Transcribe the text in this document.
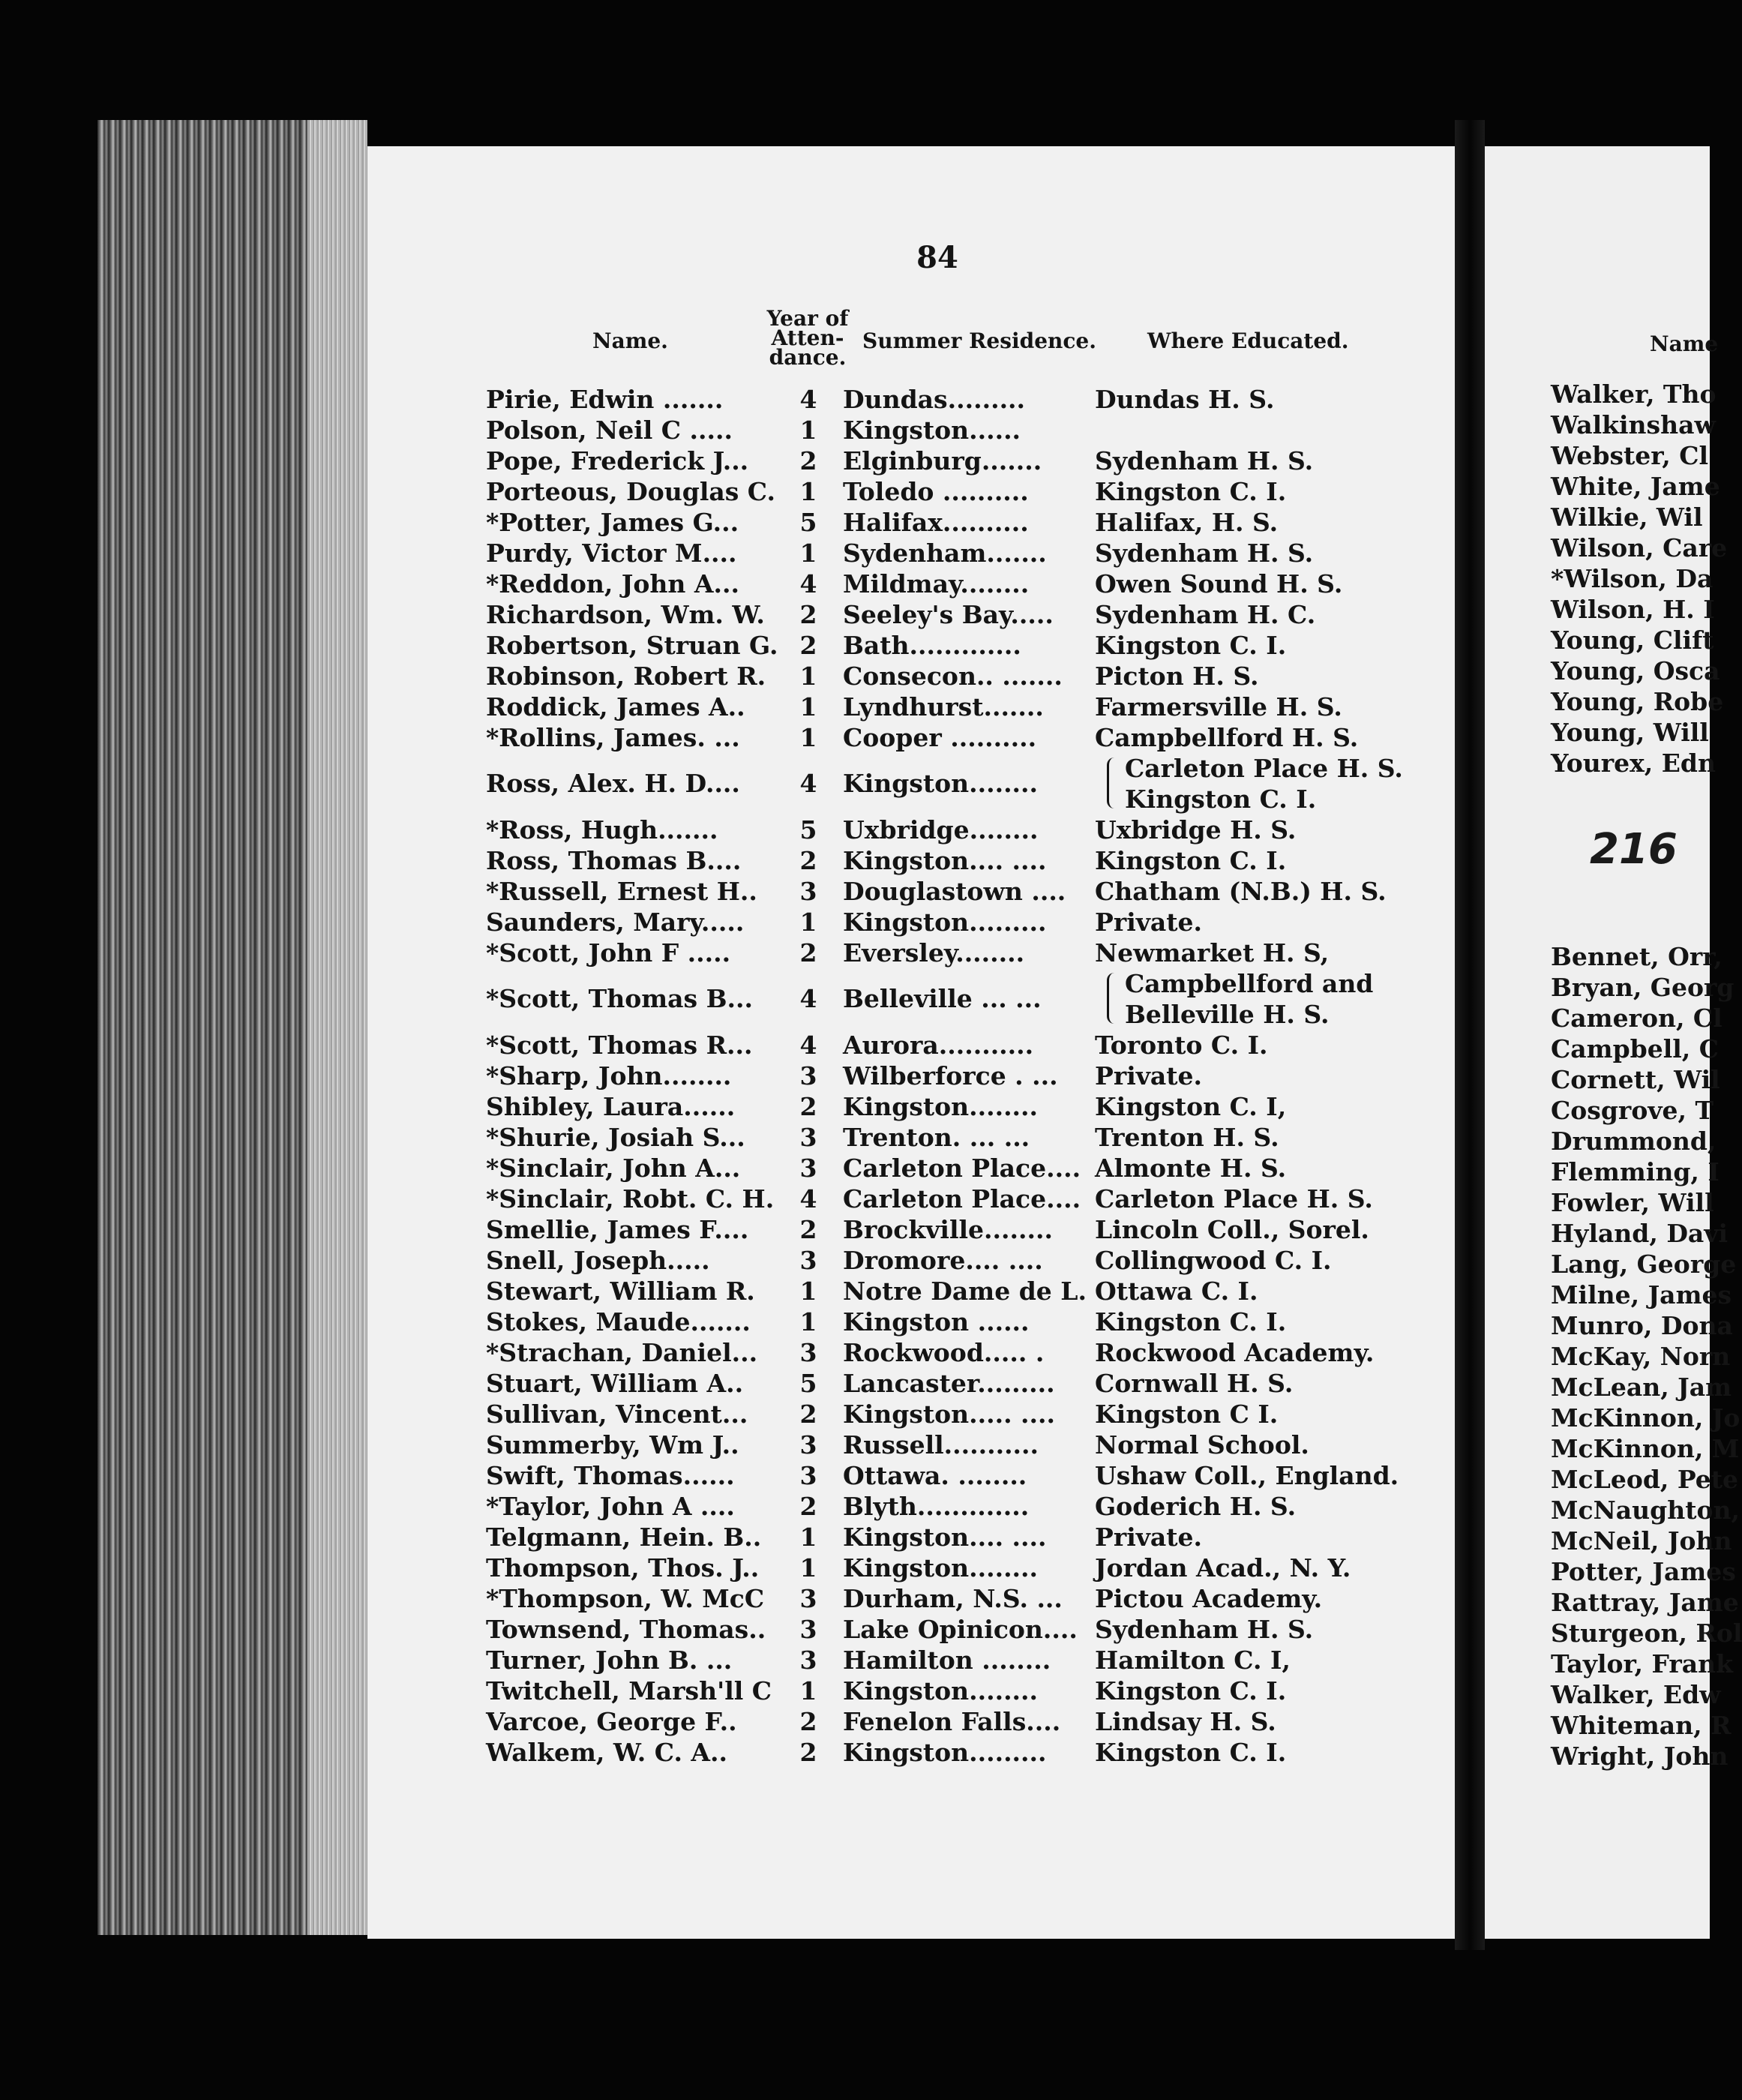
84
Name.
Year of
Atten-
dance.
Summer Residence. Where Educated.
Pirie, Edwin .......	4 Dundas.........	Dundas H. S.
Polson, Neil C .....	1 Kingston......
Pope, Frederick J...	2 Elginburg.......	Sydenham H. S.
Porteous, Douglas C. 1 Toledo ..........	Kingston C. I.
*Potter, James G...	5 Halifax..........	Halifax, H. S.
Purdy, Victor M....	1 Sydenham.......	Sydenham H. S.
*Reddon, John A...	4 Mildmay........	Owen Sound H. S.
Richardson, Wm. W. 2 Seeley's Bay.....	Sydenham H. C.
Robertson, Struan G. 2 Bath.............	Kingston C. I.
Robinson, Robert R. 1 Consecon.. .......	Picton H. S.
Roddick, James A..	1 Lyndhurst.......	Farmersville H. S.
*Rollins, James. ...	1 Cooper ..........	Campbellford H. S.
Ross, Alex. H. D....	4 Kingston........
Carleton Place H. S.
Kingston C. I.
*Ross, Hugh.......	5 Uxbridge........	Uxbridge H. S.
Ross, Thomas B....	2 Kingston.... ....	Kingston C. I.
*Russell, Ernest H..	3 Douglastown ....	Chatham (N.B.) H. S.
Saunders, Mary.....	1 Kingston.........	Private.
*Scott, John F .....	2 Eversley........	Newmarket H. S,
*Scott, Thomas B...	4 Belleville ... ...
Campbellford and
Belleville H. S.
*Scott, Thomas R...	4 Aurora...........	Toronto C. I.
*Sharp, John........	3 Wilberforce . ...	Private.
Shibley, Laura......	2 Kingston........	Kingston C. I,
*Shurie, Josiah S...	3 Trenton. ... ...	Trenton H. S.
*Sinclair, John A...	3 Carleton Place.... Almonte H. S.
*Sinclair, Robt. C. H. 4 Carleton Place.... Carleton Place H. S.
Smellie, James F....	2 Brockville........	Lincoln Coll., Sorel.
Snell, Joseph.....	3 Dromore.... ....	Collingwood C. I.
Stewart, William R.	1 Notre Dame de L. Ottawa C. I.
Stokes, Maude.......	1 Kingston ......	Kingston C. I.
*Strachan, Daniel...	3 Rockwood..... .	Rockwood Academy.
Stuart, William A..	5 Lancaster.........	Cornwall H. S.
Sullivan, Vincent...	2 Kingston..... ....	Kingston C I.
Summerby, Wm J..	3 Russell...........	Normal School.
Swift, Thomas......	3 Ottawa. ........	Ushaw Coll., England.
*Taylor, John A ....	2 Blyth.............	Goderich H. S.
Telgmann, Hein. B..	1 Kingston.... ....	Private.
Thompson, Thos. J..	1 Kingston........	Jordan Acad., N. Y.
*Thompson, W. McC 3 Durham, N.S. ...	Pictou Academy.
Townsend, Thomas.. 3 Lake Opinicon.... Sydenham H. S.
Turner, John B. ...	3 Hamilton ........	Hamilton C. I,
Twitchell, Marsh'll C 1 Kingston........	Kingston C. I.
Varcoe, George F..	2 Fenelon Falls....	Lindsay H. S.
Walkem, W. C. A..	2 Kingston.........	Kingston C. I.
Name
Walker, Tho
Walkinshaw
Webster, Cl
White, Jame
Wilkie, Wil
Wilson, Care
*Wilson, Da
Wilson, H. I
Young, Clift
Young, Osca
Young, Robe
Young, Will
Yourex, Edn
216
Bennet, Orr,
Bryan, Georg
Cameron, Cl
Campbell, C
Cornett, Wil
Cosgrove, T
Drummond,
Flemming, I
Fowler, Will
Hyland, Davi
Lang, George
Milne, James
Munro, Dona
McKay, Norn
McLean, Jam
McKinnon, Jo
McKinnon, M
McLeod, Pete
McNaughton,
McNeil, John
Potter, James
Rattray, Jame
Sturgeon, Rol
Taylor, Frank
Walker, Edw
Whiteman, R
Wright, John
